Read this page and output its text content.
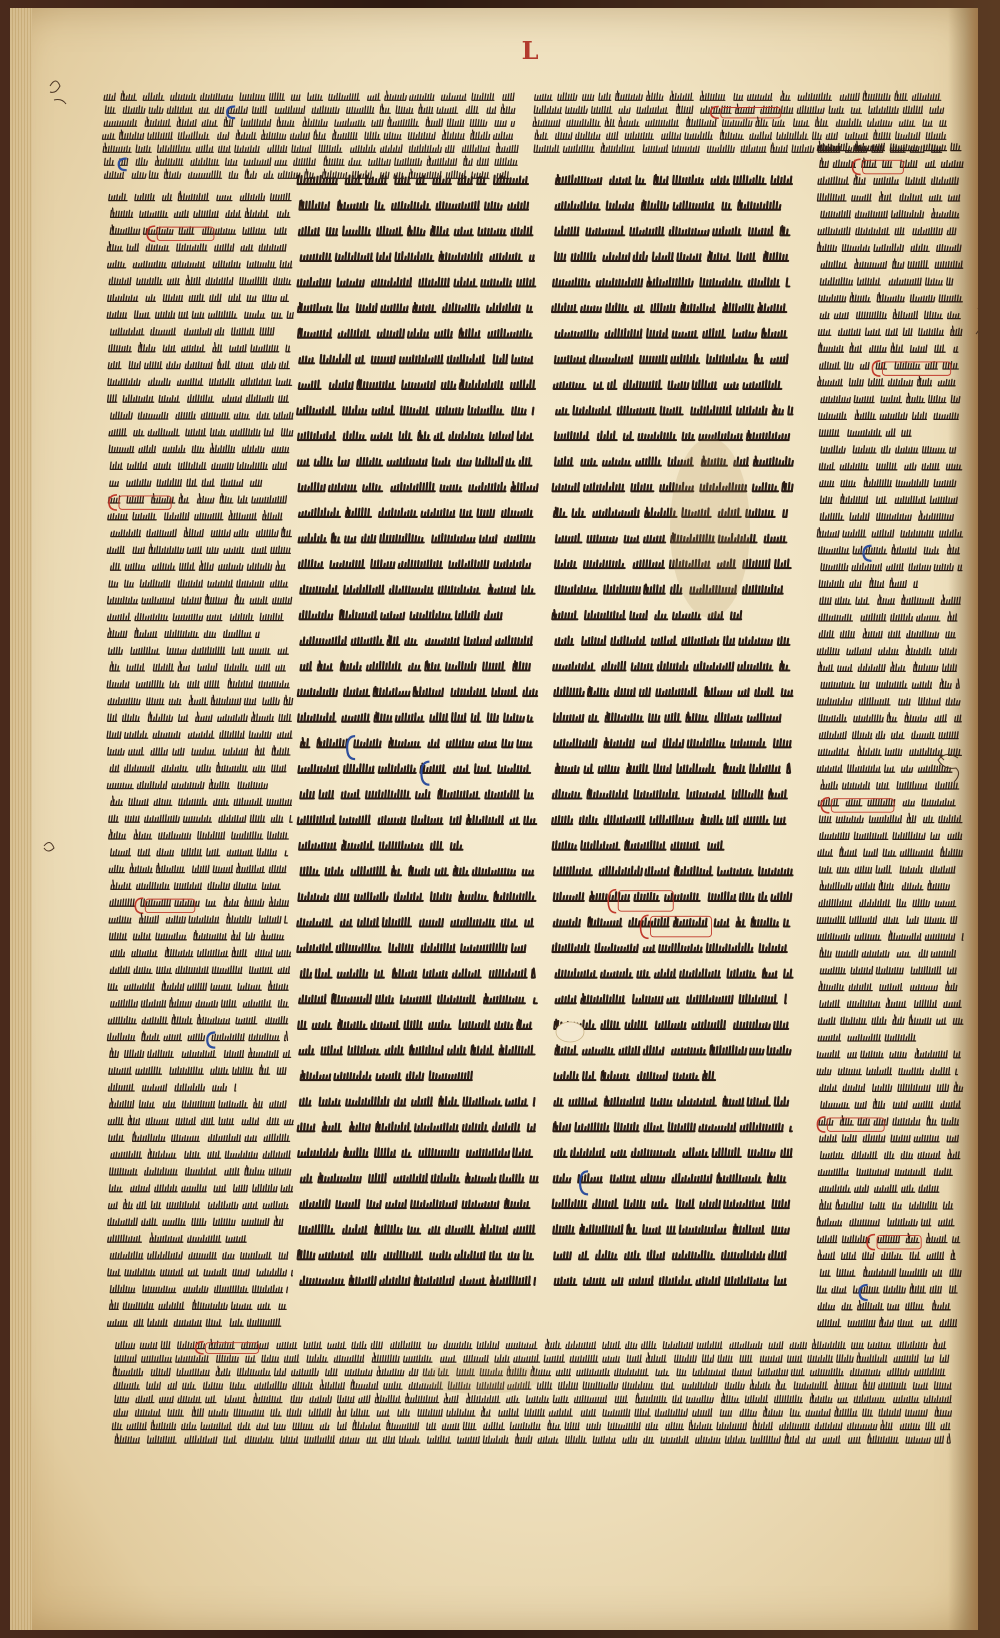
L
